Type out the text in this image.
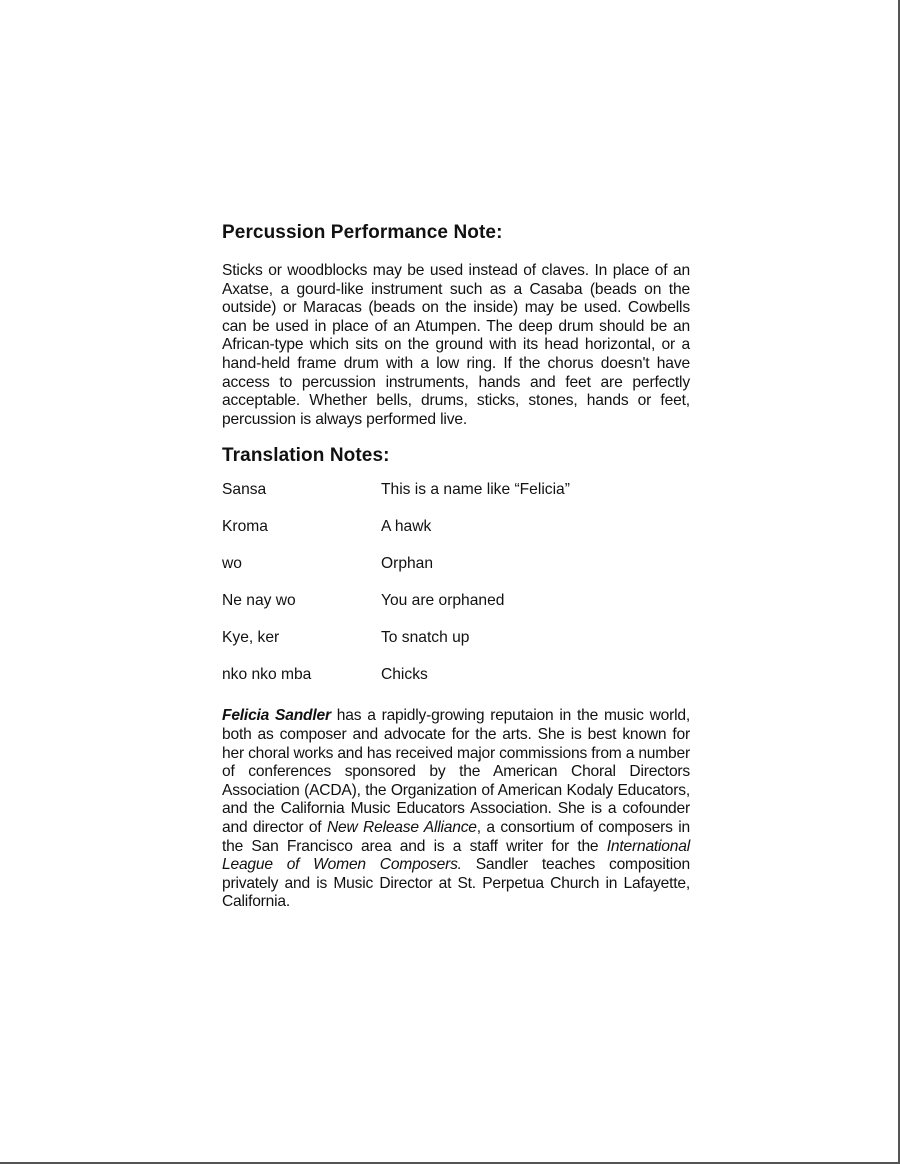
Percussion Performance Note:

Sticks or woodblocks may be used instead of claves. In place of an Axatse, a gourd-like instrument such as a Casaba (beads on the outside) or Maracas (beads on the inside) may be used. Cowbells can be used in place of an Atumpen. The deep drum should be an African-type which sits on the ground with its head horizontal, or a hand-held frame drum with a low ring. If the chorus doesn't have access to percussion instruments, hands and feet are perfectly acceptable. Whether bells, drums, sticks, stones, hands or feet, percussion is always performed live.

Translation Notes:
Sansa	This is a name like “Felicia”
Kroma	A hawk
wo	Orphan
Ne nay wo	You are orphaned
Kye, ker	To snatch up
nko nko mba	Chicks

Felicia Sandler has a rapidly-growing reputaion in the music world, both as composer and advocate for the arts. She is best known for her choral works and has received major commissions from a number of conferences sponsored by the American Choral Directors Association (ACDA), the Organization of American Kodaly Educators, and the California Music Educators Association. She is a cofounder and director of New Release Alliance, a consortium of composers in the San Francisco area and is a staff writer for the International League of Women Composers. Sandler teaches composition privately and is Music Director at St. Perpetua Church in Lafayette, California.
